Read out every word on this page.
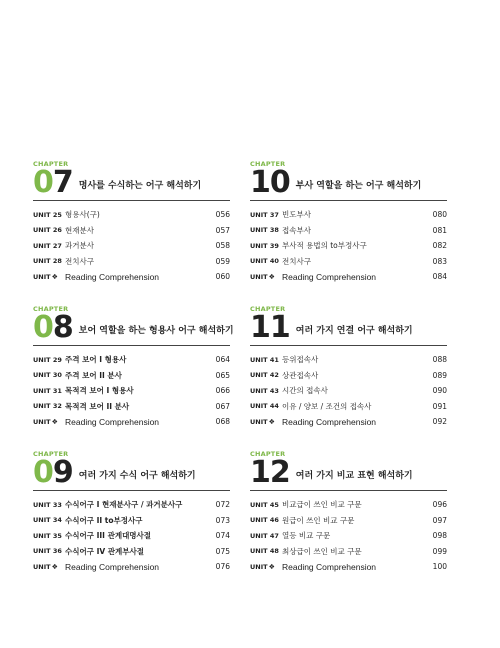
CHAPTER
07 명사를 수식하는 어구 해석하기
UNIT 25 형용사(구)	056
UNIT 26 현재분사	057
UNIT 27 과거분사	058
UNIT 28 전치사구	059
UNIT❖ Reading Comprehension	060
CHAPTER
10 부사 역할을 하는 어구 해석하기
UNIT 37 빈도부사	080
UNIT 38 접속부사	081
UNIT 39 부사적 용법의 to부정사구	082
UNIT 40 전치사구	083
UNIT❖ Reading Comprehension	084
CHAPTER
08 보어 역할을 하는 형용사 어구 해석하기
UNIT 29 주격 보어 I 형용사	064
UNIT 30 주격 보어 II 분사	065
UNIT 31 목적격 보어 I 형용사	066
UNIT 32 목적격 보어 II 분사	067
UNIT❖ Reading Comprehension	068
CHAPTER
11 여러 가지 연결 어구 해석하기
UNIT 41 등위접속사	088
UNIT 42 상관접속사	089
UNIT 43 시간의 접속사	090
UNIT 44 이유 / 양보 / 조건의 접속사	091
UNIT❖ Reading Comprehension	092
CHAPTER
09 여러 가지 수식 어구 해석하기
UNIT 33 수식어구 I 현재분사구 / 과거분사구	072
UNIT 34 수식어구 II to부정사구	073
UNIT 35 수식어구 III 관계대명사절	074
UNIT 36 수식어구 IV 관계부사절	075
UNIT❖ Reading Comprehension	076
CHAPTER
12 여러 가지 비교 표현 해석하기
UNIT 45 비교급이 쓰인 비교 구문	096
UNIT 46 원급이 쓰인 비교 구문	097
UNIT 47 열등 비교 구문	098
UNIT 48 최상급이 쓰인 비교 구문	099
UNIT❖ Reading Comprehension	100
